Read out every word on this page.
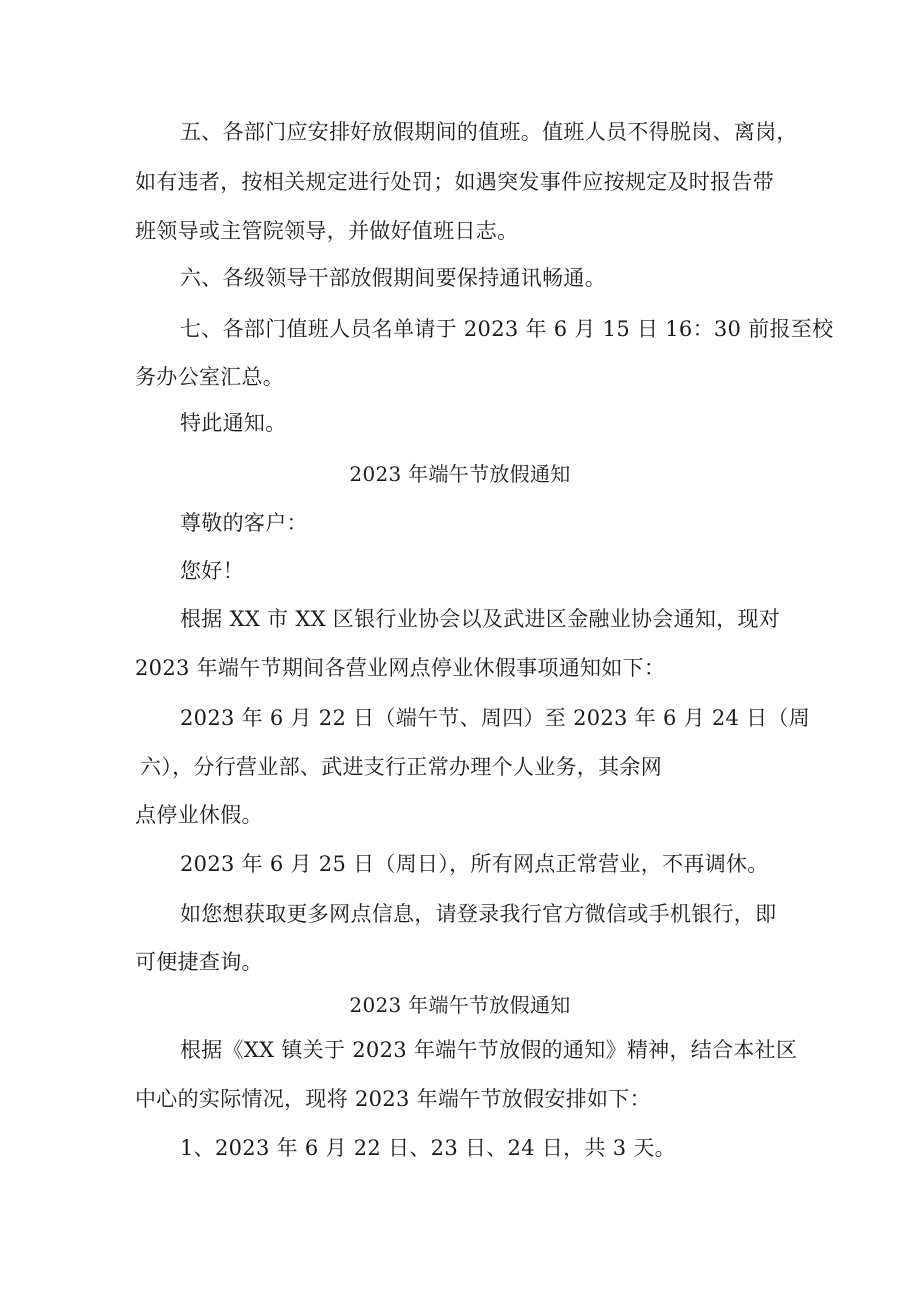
五、各部门应安排好放假期间的值班。值班人员不得脱岗、离岗，
如有违者，按相关规定进行处罚；如遇突发事件应按规定及时报告带
班领导或主管院领导，并做好值班日志。
六、各级领导干部放假期间要保持通讯畅通。
七、各部门值班人员名单请于 2023 年 6 月 15 日 16：30 前报至校
务办公室汇总。
特此通知。
2023 年端午节放假通知
尊敬的客户：
您好！
根据 XX 市 XX 区银行业协会以及武进区金融业协会通知，现对
2023 年端午节期间各营业网点停业休假事项通知如下：
2023 年 6 月 22 日（端午节、周四）至 2023 年 6 月 24 日（周
六），分行营业部、武进支行正常办理个人业务，其余网
点停业休假。
2023 年 6 月 25 日（周日），所有网点正常营业，不再调休。
如您想获取更多网点信息，请登录我行官方微信或手机银行，即
可便捷查询。
2023 年端午节放假通知
根据《XX 镇关于 2023 年端午节放假的通知》精神，结合本社区
中心的实际情况，现将 2023 年端午节放假安排如下：
1、2023 年 6 月 22 日、23 日、24 日，共 3 天。
